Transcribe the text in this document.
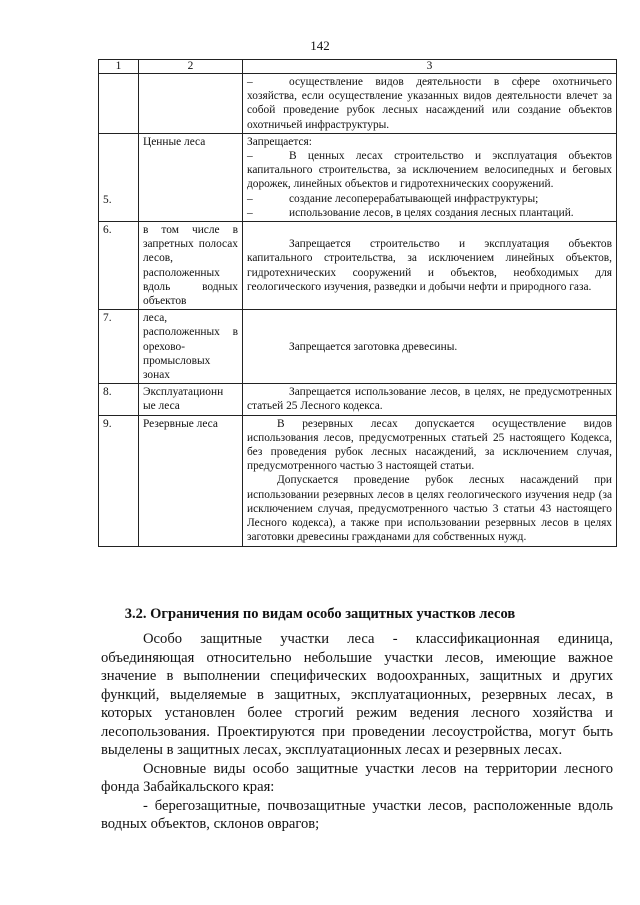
142
1	2	3

		– осуществление видов деятельности в сфере охотничьего хозяйства, если осуществление указанных видов деятельности влечет за собой проведение рубок лесных насаждений или создание объектов охотничьей инфраструктуры.

5.	Ценные леса	Запрещается:
– В ценных лесах строительство и эксплуатация объектов капитального строительства, за исключением велосипедных и беговых дорожек, линейных объектов и гидротехнических сооружений.
– создание лесоперерабатывающей инфраструктуры;
– использование лесов, в целях создания лесных плантаций.

6.	в том числе в запретных полосах лесов, расположенных вдоль водных объектов	Запрещается строительство и эксплуатация объектов капитального строительства, за исключением линейных объектов, гидротехнических сооружений и объектов, необходимых для геологического изучения, разведки и добычи нефти и природного газа.

7.	леса, расположенных в орехово-промысловых зонах	Запрещается заготовка древесины.

8.	Эксплуатационн ые леса	Запрещается использование лесов, в целях, не предусмотренных статьей 25 Лесного кодекса.

9.	Резервные леса	В резервных лесах допускается осуществление видов использования лесов, предусмотренных статьей 25 настоящего Кодекса, без проведения рубок лесных насаждений, за исключением случая, предусмотренного частью 3 настоящей статьи.
Допускается проведение рубок лесных насаждений при использовании резервных лесов в целях геологического изучения недр (за исключением случая, предусмотренного частью 3 статьи 43 настоящего Лесного кодекса), а также при использовании резервных лесов в целях заготовки древесины гражданами для собственных нужд.
3.2. Ограничения по видам особо защитных участков лесов

Особо защитные участки леса - классификационная единица, объединяющая относительно небольшие участки лесов, имеющие важное значение в выполнении специфических водоохранных, защитных и других функций, выделяемые в защитных, эксплуатационных, резервных лесах, в которых установлен более строгий режим ведения лесного хозяйства и лесопользования. Проектируются при проведении лесоустройства, могут быть выделены в защитных лесах, эксплуатационных лесах и резервных лесах.

Основные виды особо защитные участки лесов на территории лесного фонда Забайкальского края:

- берегозащитные, почвозащитные участки лесов, расположенные вдоль водных объектов, склонов оврагов;
